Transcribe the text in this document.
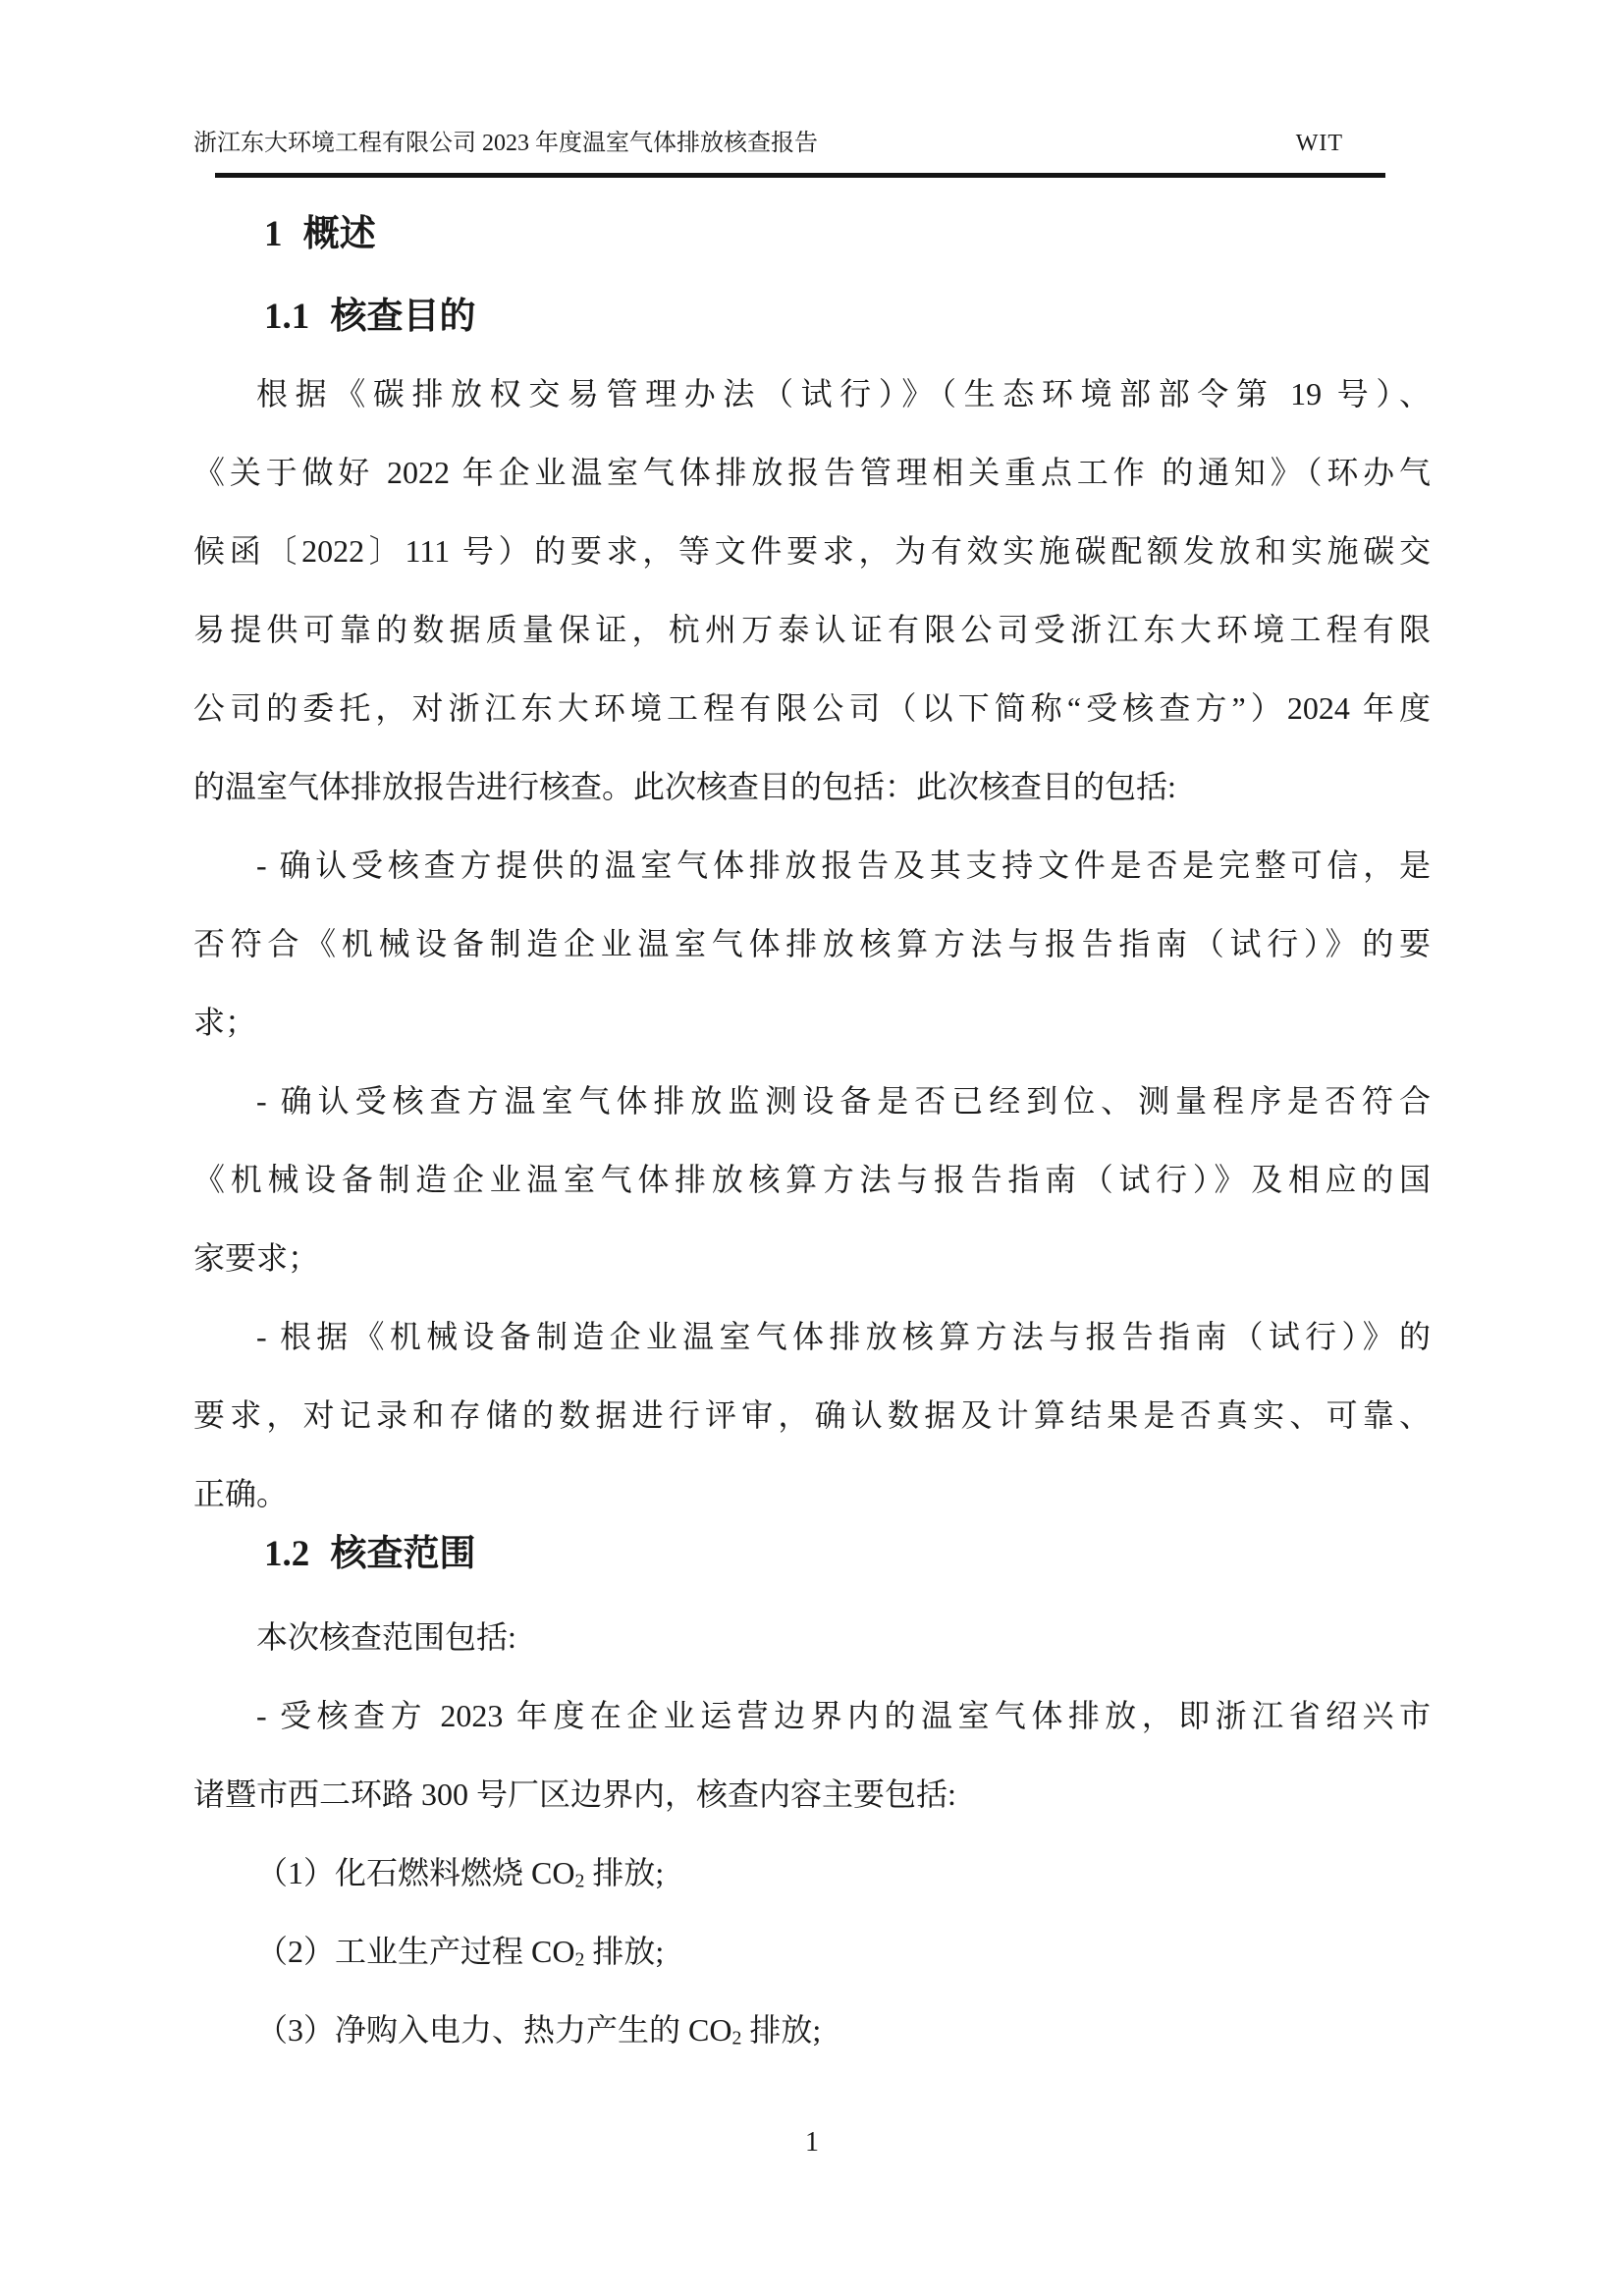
浙江东大环境工程有限公司 2023 年度温室气体排放核查报告	WIT
1 概述
1.1 核查目的
根据《碳排放权交易管理办法（试行）》（生态环境部部令第 19 号）、
《关于做好 2022 年企业温室气体排放报告管理相关重点工作 的通知》（环办气
候函〔2022〕111 号）的要求，等文件要求，为有效实施碳配额发放和实施碳交
易提供可靠的数据质量保证，杭州万泰认证有限公司受浙江东大环境工程有限
公司的委托，对浙江东大环境工程有限公司（以下简称“受核查方”）2024 年度
的温室气体排放报告进行核查。此次核查目的包括：此次核查目的包括:
- 确认受核查方提供的温室气体排放报告及其支持文件是否是完整可信，是
否符合《机械设备制造企业温室气体排放核算方法与报告指南（试行）》的要
求；
- 确认受核查方温室气体排放监测设备是否已经到位、测量程序是否符合
《机械设备制造企业温室气体排放核算方法与报告指南（试行）》及相应的国
家要求；
- 根据《机械设备制造企业温室气体排放核算方法与报告指南（试行）》的
要求，对记录和存储的数据进行评审，确认数据及计算结果是否真实、可靠、
正确。
1.2 核查范围
本次核查范围包括:
- 受核查方 2023 年度在企业运营边界内的温室气体排放，即浙江省绍兴市
诸暨市西二环路 300 号厂区边界内，核查内容主要包括:
（1）化石燃料燃烧 $CO_2$ 排放;
（2）工业生产过程 $CO_2$ 排放;
（3）净购入电力、热力产生的 $CO_2$ 排放;
1
